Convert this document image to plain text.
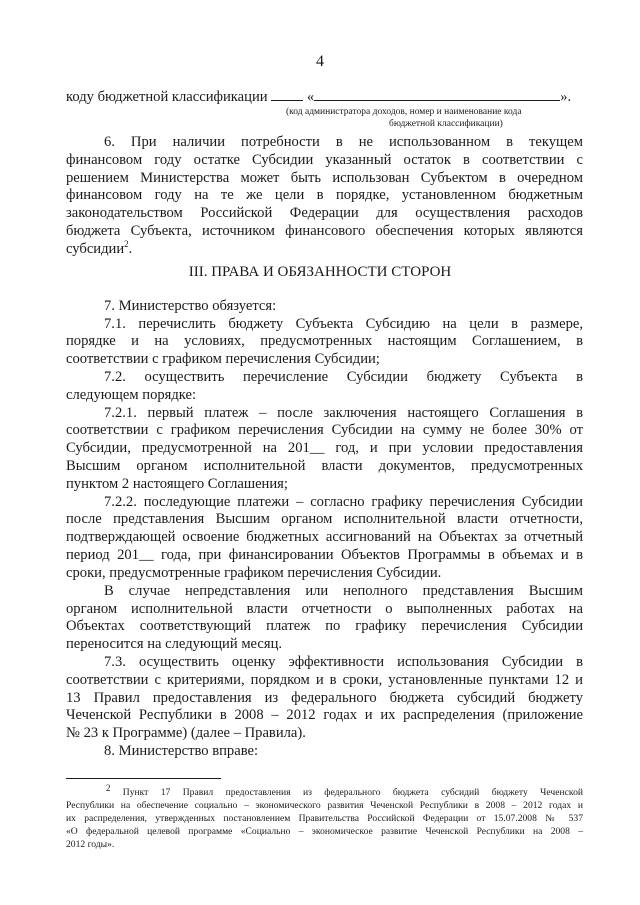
4
коду бюджетной классификации	«	».
(код администратора доходов, номер и наименование кода
бюджетной классификации)
6. При наличии потребности в не использованном в текущем
финансовом году остатке Субсидии указанный остаток в соответствии с
решением Министерства может быть использован Субъектом в очередном
финансовом году на те же цели в порядке, установленном бюджетным
законодательством Российской Федерации для осуществления расходов
бюджета Субъекта, источником финансового обеспечения которых являются
субсидии$^2$.
III. ПРАВА И ОБЯЗАННОСТИ СТОРОН
7. Министерство обязуется:
7.1. перечислить бюджету Субъекта Субсидию на цели в размере,
порядке и на условиях, предусмотренных настоящим Соглашением, в
соответствии с графиком перечисления Субсидии;
7.2. осуществить перечисление Субсидии бюджету Субъекта в
следующем порядке:
7.2.1. первый платеж – после заключения настоящего Соглашения в
соответствии с графиком перечисления Субсидии на сумму не более 30% от
Субсидии, предусмотренной на 201__ год, и при условии предоставления
Высшим органом исполнительной власти документов, предусмотренных
пунктом 2 настоящего Соглашения;
7.2.2. последующие платежи – согласно графику перечисления Субсидии
после представления Высшим органом исполнительной власти отчетности,
подтверждающей освоение бюджетных ассигнований на Объектах за отчетный
период 201__ года, при финансировании Объектов Программы в объемах и в
сроки, предусмотренные графиком перечисления Субсидии.
В случае непредставления или неполного представления Высшим
органом исполнительной власти отчетности о выполненных работах на
Объектах соответствующий платеж по графику перечисления Субсидии
переносится на следующий месяц.
7.3. осуществить оценку эффективности использования Субсидии в
соответствии с критериями, порядком и в сроки, установленные пунктами 12 и
13 Правил предоставления из федерального бюджета субсидий бюджету
Чеченской Республики в 2008 – 2012 годах и их распределения (приложение
№ 23 к Программе) (далее – Правила).
8. Министерство вправе:
$^2$ Пункт 17 Правил предоставления из федерального бюджета субсидий бюджету Чеченской
Республики на обеспечение социально – экономического развития Чеченской Республики в 2008 – 2012 годах и
их распределения, утвержденных постановлением Правительства Российской Федерации от 15.07.2008 № 537
«О федеральной целевой программе «Социально – экономическое развитие Чеченской Республики на 2008 –
2012 годы».
